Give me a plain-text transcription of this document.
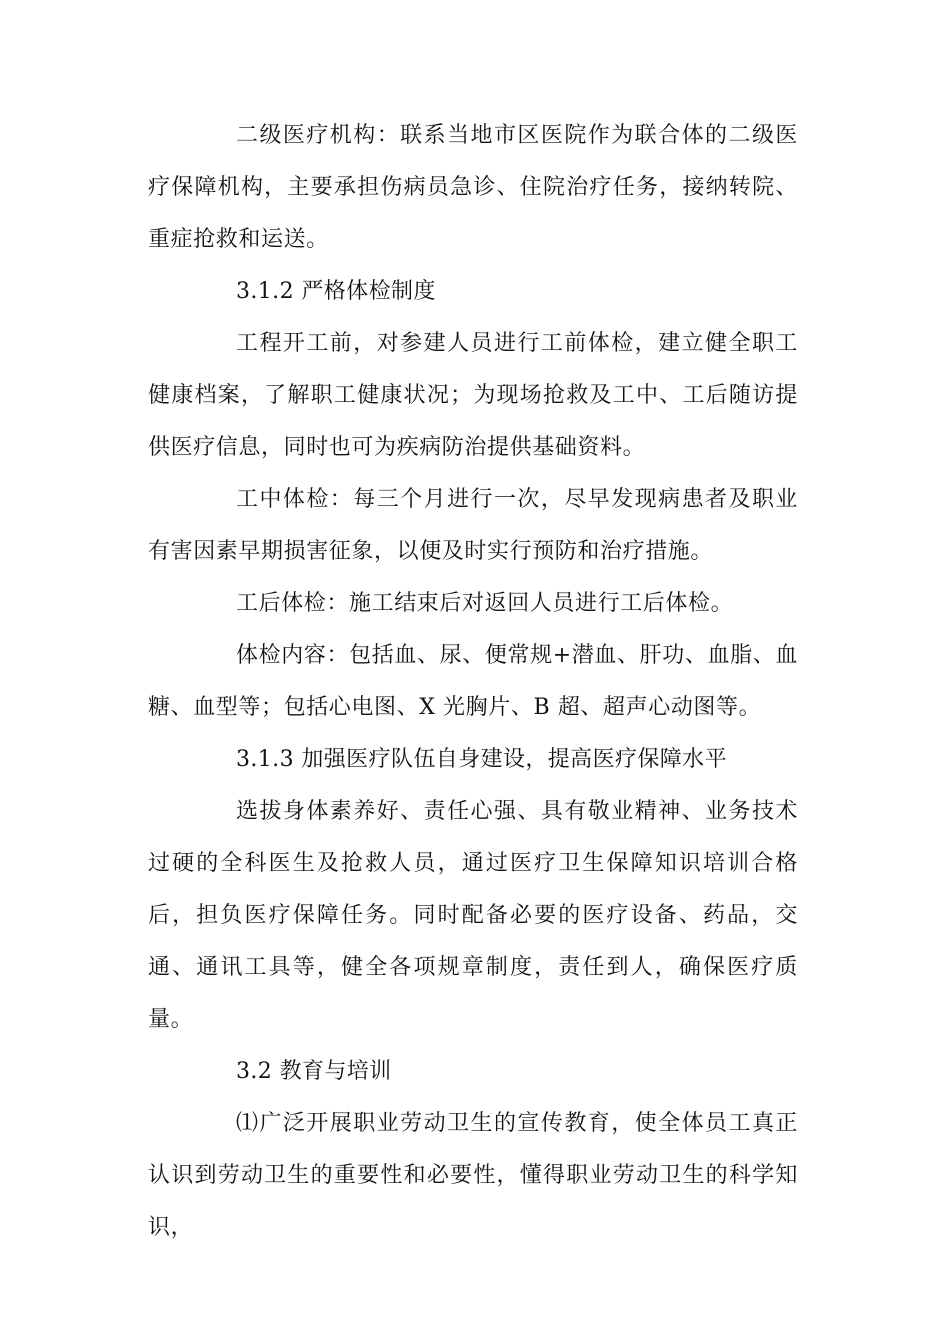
二级医疗机构：联系当地市区医院作为联合体的二级医疗保障机构，主要承担伤病员急诊、住院治疗任务，接纳转院、重症抢救和运送。

3.1.2 严格体检制度

工程开工前，对参建人员进行工前体检，建立健全职工健康档案，了解职工健康状况；为现场抢救及工中、工后随访提供医疗信息，同时也可为疾病防治提供基础资料。

工中体检：每三个月进行一次，尽早发现病患者及职业有害因素早期损害征象，以便及时实行预防和治疗措施。

工后体检：施工结束后对返回人员进行工后体检。

体检内容：包括血、尿、便常规+潜血、肝功、血脂、血糖、血型等；包括心电图、X 光胸片、B 超、超声心动图等。

3.1.3 加强医疗队伍自身建设，提高医疗保障水平

选拔身体素养好、责任心强、具有敬业精神、业务技术过硬的全科医生及抢救人员，通过医疗卫生保障知识培训合格后，担负医疗保障任务。同时配备必要的医疗设备、药品，交通、通讯工具等，健全各项规章制度，责任到人，确保医疗质量。

3.2 教育与培训

⑴广泛开展职业劳动卫生的宣传教育，使全体员工真正认识到劳动卫生的重要性和必要性，懂得职业劳动卫生的科学知识，
